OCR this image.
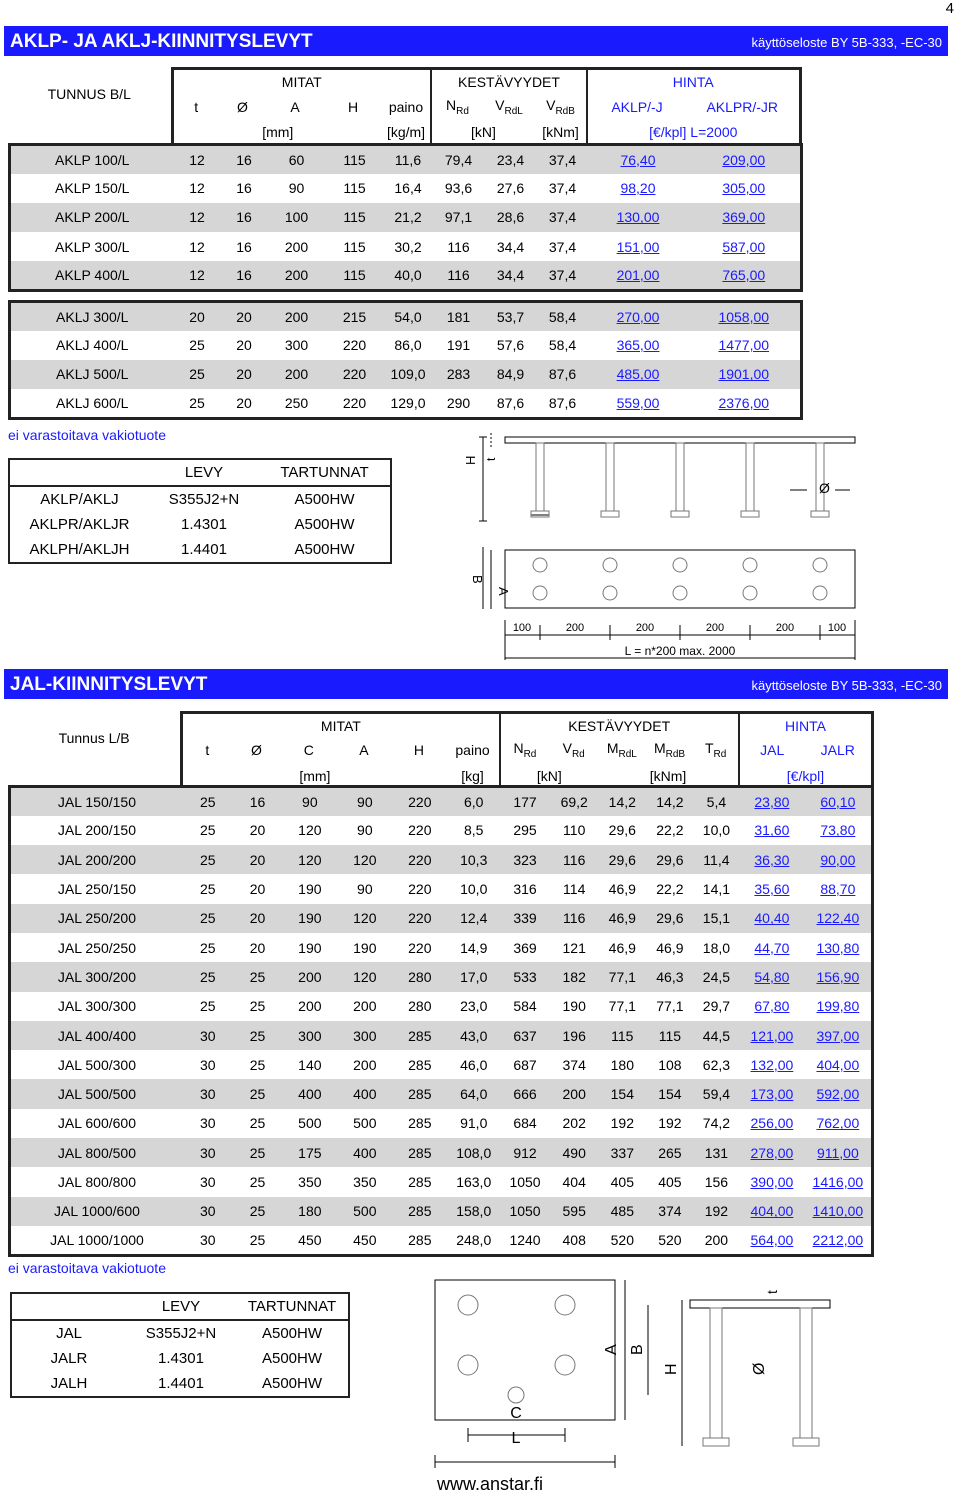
4
AKLP- JA AKLJ-KIINNITYSLEVYT	käyttöseloste BY 5B-333, -EC-30
TUNNUS B/L	MITAT					KESTÄVYYDET			HINTA	
	t	Ø	A	H	paino	$N_{Rd}$	$V_{RdL}$	$V_{RdB}$	AKLP/-J	AKLPR/-JR
	[mm]				[kg/m]	[kN]		[kNm]	[€/kpl] L=2000	
AKLP 100/L	12	16	60	115	11,6	79,4	23,4	37,4	76,40	209,00
AKLP 150/L	12	16	90	115	16,4	93,6	27,6	37,4	98,20	305,00
AKLP 200/L	12	16	100	115	21,2	97,1	28,6	37,4	130,00	369,00
AKLP 300/L	12	16	200	115	30,2	116	34,4	37,4	151,00	587,00
AKLP 400/L	12	16	200	115	40,0	116	34,4	37,4	201,00	765,00
AKLJ 300/L	20	20	200	215	54,0	181	53,7	58,4	270,00	1058,00
AKLJ 400/L	25	20	300	220	86,0	191	57,6	58,4	365,00	1477,00
AKLJ 500/L	25	20	200	220	109,0	283	84,9	87,6	485,00	1901,00
AKLJ 600/L	25	20	250	220	129,0	290	87,6	87,6	559,00	2376,00
ei varastoitava vakiotuote
	LEVY	TARTUNNAT
AKLP/AKLJ	S355J2+N	A500HW
AKLPR/AKLJR	1.4301	A500HW
AKLPH/AKLJH	1.4401	A500HW
H t
Ø
A
B
100	200	200	200	200	100
L = n*200 max. 2000
JAL-KIINNITYSLEVYT	käyttöseloste BY 5B-333, -EC-30
Tunnus L/B	MITAT						KESTÄVYYDET					HINTA	
	t	Ø	C	A	H	paino	$N_{Rd}$	$V_{Rd}$	$M_{RdL}$	$M_{RdB}$	$T_{Rd}$	JAL	JALR
	[mm]					[kg]	[kN]		[kNm]			[€/kpl]	
JAL 150/150	25	16	90	90	220	6,0	177	69,2	14,2	14,2	5,4	23,80	60,10
JAL 200/150	25	20	120	90	220	8,5	295	110	29,6	22,2	10,0	31,60	73,80
JAL 200/200	25	20	120	120	220	10,3	323	116	29,6	29,6	11,4	36,30	90,00
JAL 250/150	25	20	190	90	220	10,0	316	114	46,9	22,2	14,1	35,60	88,70
JAL 250/200	25	20	190	120	220	12,4	339	116	46,9	29,6	15,1	40,40	122,40
JAL 250/250	25	20	190	190	220	14,9	369	121	46,9	46,9	18,0	44,70	130,80
JAL 300/200	25	25	200	120	280	17,0	533	182	77,1	46,3	24,5	54,80	156,90
JAL 300/300	25	25	200	200	280	23,0	584	190	77,1	77,1	29,7	67,80	199,80
JAL 400/400	30	25	300	300	285	43,0	637	196	115	115	44,5	121,00	397,00
JAL 500/300	30	25	140	200	285	46,0	687	374	180	108	62,3	132,00	404,00
JAL 500/500	30	25	400	400	285	64,0	666	200	154	154	59,4	173,00	592,00
JAL 600/600	30	25	500	500	285	91,0	684	202	192	192	74,2	256,00	762,00
JAL 800/500	30	25	175	400	285	108,0	912	490	337	265	131	278,00	911,00
JAL 800/800	30	25	350	350	285	163,0	1050	404	405	405	156	390,00	1416,00
JAL 1000/600	30	25	180	500	285	158,0	1050	595	485	374	192	404,00	1410,00
JAL 1000/1000	30	25	450	450	285	248,0	1240	408	520	520	200	564,00	2212,00
ei varastoitava vakiotuote
	LEVY	TARTUNNAT
JAL	S355J2+N	A500HW
JALR	1.4301	A500HW
JALH	1.4401	A500HW
A B
C
L
H	Ø
t
www.anstar.fi
